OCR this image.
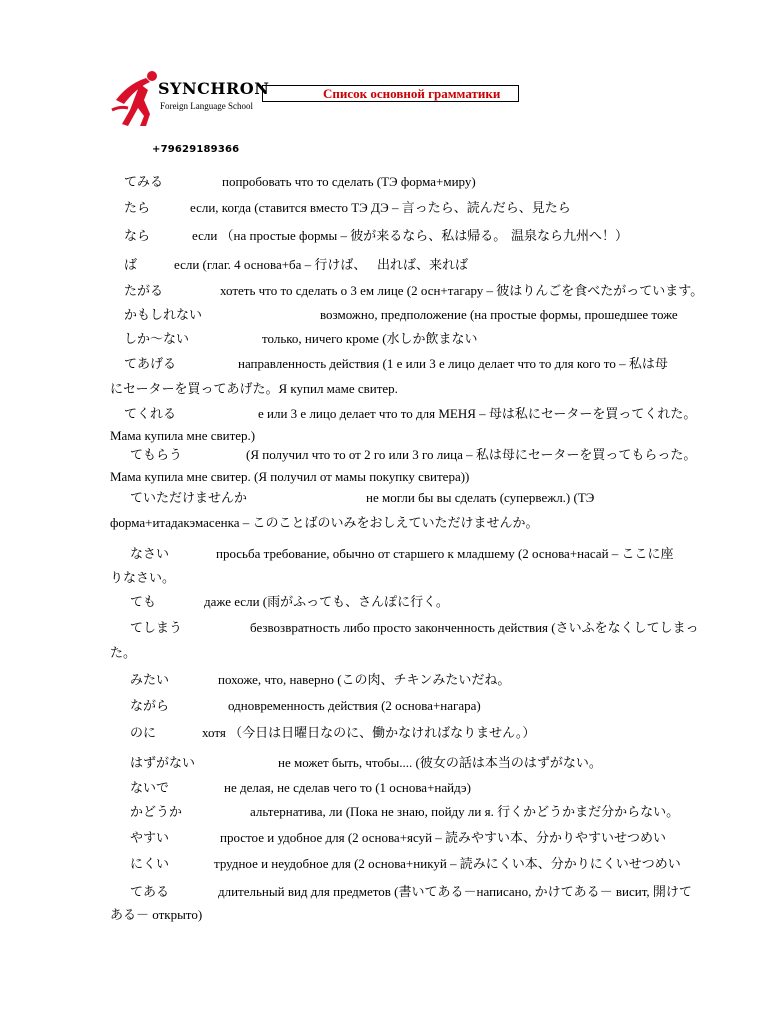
SYNCHRON
Foreign Language School
+79629189366
Список основной грамматики
てみる	попробовать что то сделать (ТЭ форма+миру)
たら	если, когда (ставится вместо ТЭ ДЭ – 言ったら、読んだら、見たら
なら	если （на простые формы – 彼が来るなら、私は帰る。 温泉なら九州へ！）
ば	если (глаг. 4 основа+ба – 行けば、 出れば、来れば
たがる	хотеть что то сделать о 3 ем лице (2 осн+тагару – 彼はりんごを食べたがっています。
かもしれない	возможно, предположение (на простые формы, прошедшее тоже
しか～ない	только, ничего кроме (水しか飲まない
てあげる	направленность действия (1 е или 3 е лицо делает что то для кого то – 私は母
にセーターを買ってあげた。Я купил маме свитер.
てくれる	е или 3 е лицо делает что то для МЕНЯ – 母は私にセーターを買ってくれた。
Мама купила мне свитер.)
てもらう	(Я получил что то от 2 го или 3 го лица – 私は母にセーターを買ってもらった。
Мама купила мне свитер. (Я получил от мамы покупку свитера))
ていただけませんか	не могли бы вы сделать (супервежл.) (ТЭ
форма+итадакэмасенка – このことばのいみをおしえていただけませんか。
なさい	просьба требование, обычно от старшего к младшему (2 основа+насай – ここに座
りなさい。
ても	даже если (雨がふっても、さんぽに行く。
てしまう	безвозвратность либо просто законченность действия (さいふをなくしてしまっ
た。
みたい	похоже, что, наверно (この肉、チキンみたいだね。
ながら	одновременность действия (2 основа+нагара)
のに	хотя （今日は日曜日なのに、働かなければなりません。）
はずがない	не может быть, чтобы.... (彼女の話は本当のはずがない。
ないで	не делая, не сделав чего то (1 основа+найдэ)
かどうか	альтернатива, ли (Пока не знаю, пойду ли я. 行くかどうかまだ分からない。
やすい	простое и удобное для (2 основа+ясуй – 読みやすい本、分かりやすいせつめい
にくい	трудное и неудобное для (2 основа+никуй – 読みにくい本、分かりにくいせつめい
てある	длительный вид для предметов (書いてある－написано, かけてある－ висит, 開けて
ある－ открыто)
